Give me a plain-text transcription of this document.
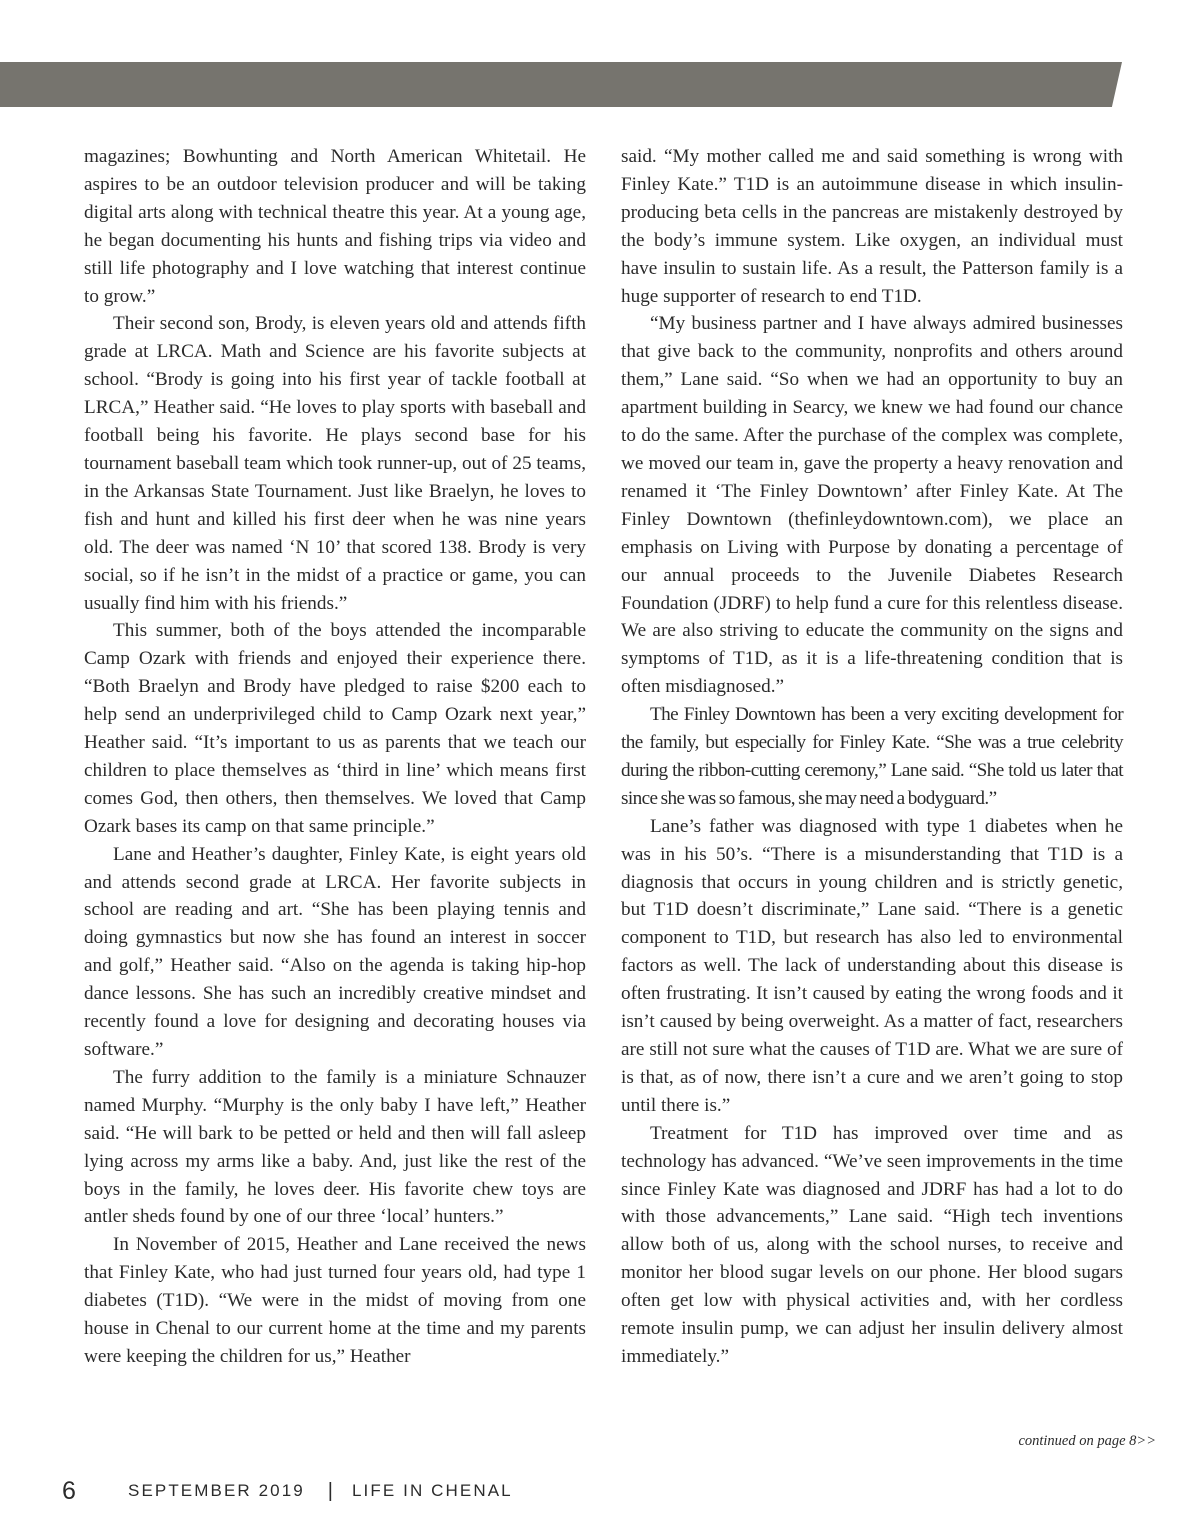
magazines; Bowhunting and North American Whitetail. He aspires to be an outdoor television producer and will be taking digital arts along with technical theatre this year. At a young age, he began documenting his hunts and fishing trips via video and still life photography and I love watching that interest continue to grow.”

Their second son, Brody, is eleven years old and attends fifth grade at LRCA. Math and Science are his favorite subjects at school. “Brody is going into his first year of tackle football at LRCA,” Heather said. “He loves to play sports with baseball and football being his favorite. He plays second base for his tournament baseball team which took runner-up, out of 25 teams, in the Arkansas State Tournament. Just like Braelyn, he loves to fish and hunt and killed his first deer when he was nine years old. The deer was named ‘N 10’ that scored 138. Brody is very social, so if he isn’t in the midst of a practice or game, you can usually find him with his friends.”

This summer, both of the boys attended the incomparable Camp Ozark with friends and enjoyed their experience there. “Both Braelyn and Brody have pledged to raise $200 each to help send an underprivileged child to Camp Ozark next year,” Heather said. “It’s important to us as parents that we teach our children to place themselves as ‘third in line’ which means first comes God, then others, then themselves. We loved that Camp Ozark bases its camp on that same principle.”

Lane and Heather’s daughter, Finley Kate, is eight years old and attends second grade at LRCA. Her favorite subjects in school are reading and art. “She has been playing tennis and doing gymnastics but now she has found an interest in soccer and golf,” Heather said. “Also on the agenda is taking hip-hop dance lessons. She has such an incredibly creative mindset and recently found a love for designing and decorating houses via software.”

The furry addition to the family is a miniature Schnauzer named Murphy. “Murphy is the only baby I have left,” Heather said. “He will bark to be petted or held and then will fall asleep lying across my arms like a baby. And, just like the rest of the boys in the family, he loves deer. His favorite chew toys are antler sheds found by one of our three ‘local’ hunters.”

In November of 2015, Heather and Lane received the news that Finley Kate, who had just turned four years old, had type 1 diabetes (T1D). “We were in the midst of moving from one house in Chenal to our current home at the time and my parents were keeping the children for us,” Heather

said. “My mother called me and said something is wrong with Finley Kate.” T1D is an autoimmune disease in which insulin-producing beta cells in the pancreas are mistakenly destroyed by the body’s immune system. Like oxygen, an individual must have insulin to sustain life. As a result, the Patterson family is a huge supporter of research to end T1D.

“My business partner and I have always admired businesses that give back to the community, nonprofits and others around them,” Lane said. “So when we had an opportunity to buy an apartment building in Searcy, we knew we had found our chance to do the same. After the purchase of the complex was complete, we moved our team in, gave the property a heavy renovation and renamed it ‘The Finley Downtown’ after Finley Kate. At The Finley Downtown (thefinleydowntown.com), we place an emphasis on Living with Purpose by donating a percentage of our annual proceeds to the Juvenile Diabetes Research Foundation (JDRF) to help fund a cure for this relentless disease. We are also striving to educate the community on the signs and symptoms of T1D, as it is a life-threatening condition that is often misdiagnosed.”

The Finley Downtown has been a very exciting development for the family, but especially for Finley Kate. “She was a true celebrity during the ribbon-cutting ceremony,” Lane said. “She told us later that since she was so famous, she may need a bodyguard.”

Lane’s father was diagnosed with type 1 diabetes when he was in his 50’s. “There is a misunderstanding that T1D is a diagnosis that occurs in young children and is strictly genetic, but T1D doesn’t discriminate,” Lane said. “There is a genetic component to T1D, but research has also led to environmental factors as well. The lack of understanding about this disease is often frustrating. It isn’t caused by eating the wrong foods and it isn’t caused by being overweight. As a matter of fact, researchers are still not sure what the causes of T1D are. What we are sure of is that, as of now, there isn’t a cure and we aren’t going to stop until there is.”

Treatment for T1D has improved over time and as technology has advanced. “We’ve seen improvements in the time since Finley Kate was diagnosed and JDRF has had a lot to do with those advancements,” Lane said. “High tech inventions allow both of us, along with the school nurses, to receive and monitor her blood sugar levels on our phone. Her blood sugars often get low with physical activities and, with her cordless remote insulin pump, we can adjust her insulin delivery almost immediately.”

continued on page 8>>
6	SEPTEMBER 2019 | LIFE IN CHENAL
